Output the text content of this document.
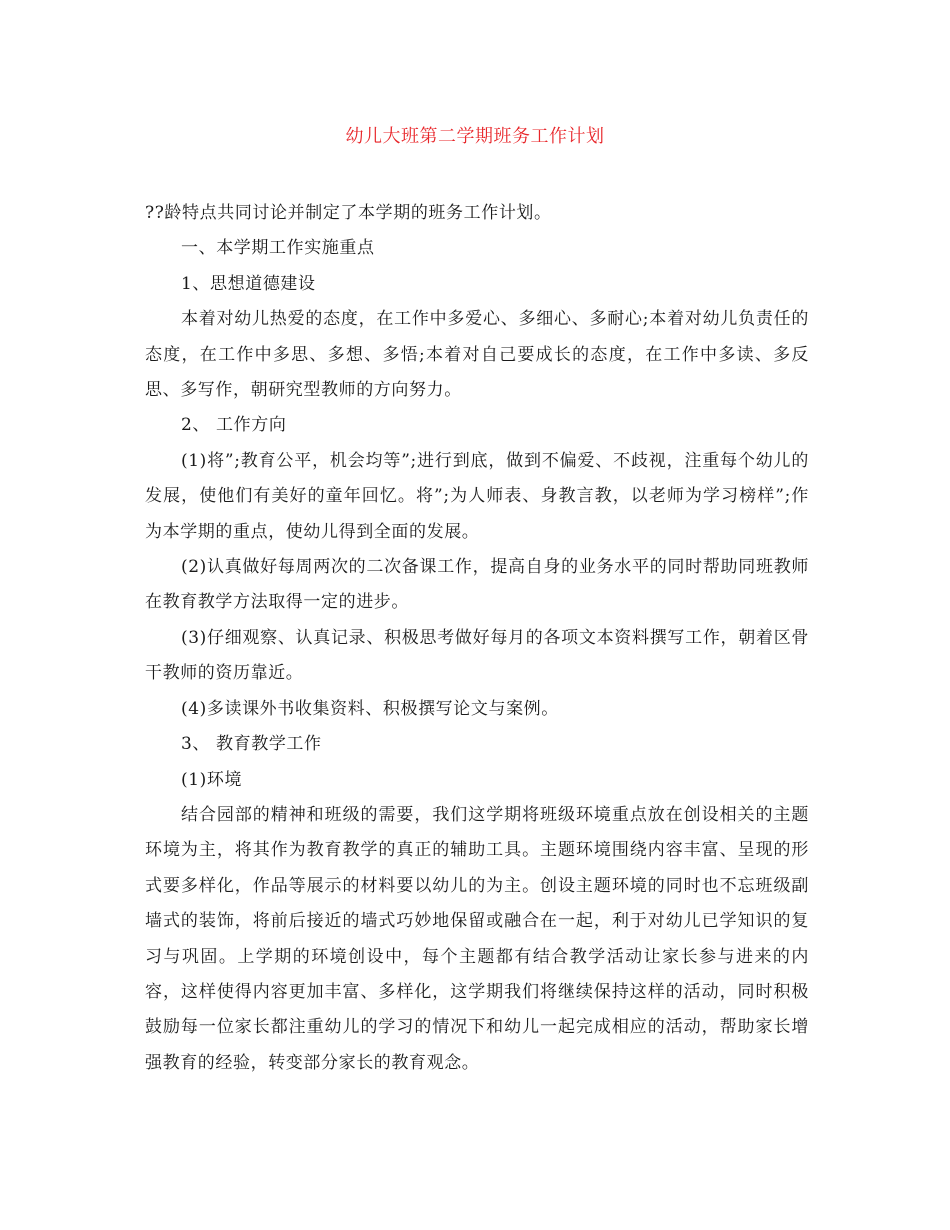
幼儿大班第二学期班务工作计划

??龄特点共同讨论并制定了本学期的班务工作计划。

一、本学期工作实施重点

1、思想道德建设

本着对幼儿热爱的态度，在工作中多爱心、多细心、多耐心;本着对幼儿负责任的态度，在工作中多思、多想、多悟;本着对自己要成长的态度，在工作中多读、多反思、多写作，朝研究型教师的方向努力。

2、 工作方向

(1)将”;教育公平，机会均等”;进行到底，做到不偏爱、不歧视，注重每个幼儿的发展，使他们有美好的童年回忆。将”;为人师表、身教言教，以老师为学习榜样”;作为本学期的重点，使幼儿得到全面的发展。

(2)认真做好每周两次的二次备课工作，提高自身的业务水平的同时帮助同班教师在教育教学方法取得一定的进步。

(3)仔细观察、认真记录、积极思考做好每月的各项文本资料撰写工作，朝着区骨干教师的资历靠近。

(4)多读课外书收集资料、积极撰写论文与案例。

3、 教育教学工作

(1)环境

结合园部的精神和班级的需要，我们这学期将班级环境重点放在创设相关的主题环境为主，将其作为教育教学的真正的辅助工具。主题环境围绕内容丰富、呈现的形式要多样化，作品等展示的材料要以幼儿的为主。创设主题环境的同时也不忘班级副墙式的装饰，将前后接近的墙式巧妙地保留或融合在一起，利于对幼儿已学知识的复习与巩固。上学期的环境创设中，每个主题都有结合教学活动让家长参与进来的内容，这样使得内容更加丰富、多样化，这学期我们将继续保持这样的活动，同时积极鼓励每一位家长都注重幼儿的学习的情况下和幼儿一起完成相应的活动，帮助家长增强教育的经验，转变部分家长的教育观念。
